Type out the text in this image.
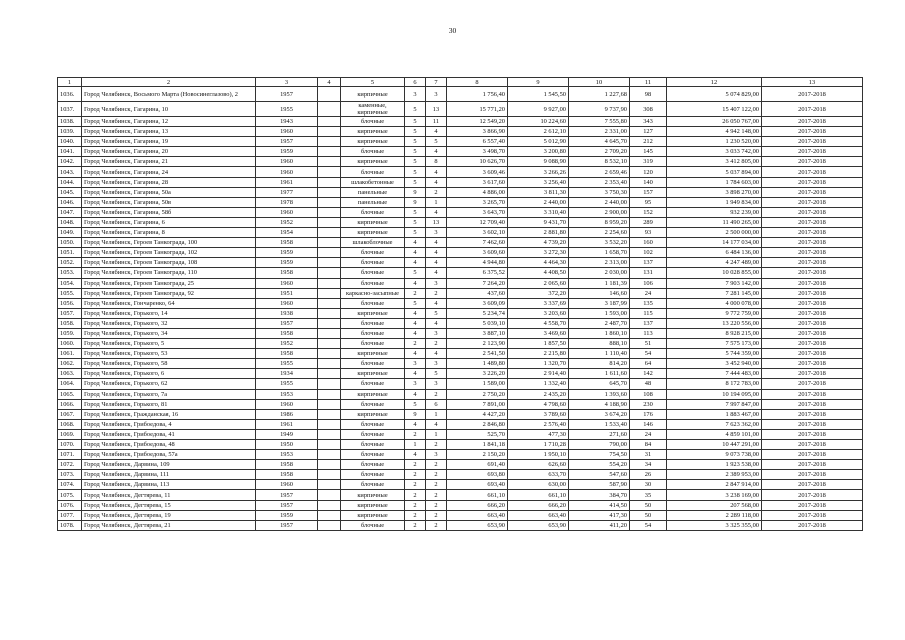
30
1	2	3	4	5	6	7	8	9	10	11	12	13
1036.	Город Челябинск, Восьмого Марта (Новосинеглазово), 2	1957		кирпичные	3	3	1 756,40	1 545,50	1 227,68	98	5 074 829,00	2017-2018
1037.	Город Челябинск, Гагарина, 10	1955		каменные, кирпичные	5	13	15 771,20	9 927,00	9 737,90	308	15 407 122,00	2017-2018
1038.	Город Челябинск, Гагарина, 12	1943		блочные	5	11	12 549,20	10 224,60	7 555,80	343	26 050 767,00	2017-2018
1039.	Город Челябинск, Гагарина, 13	1960		кирпичные	5	4	3 866,90	2 612,10	2 331,00	127	4 942 148,00	2017-2018
1040.	Город Челябинск, Гагарина, 19	1957		кирпичные	5	5	6 557,40	5 012,90	4 645,70	212	1 230 520,00	2017-2018
1041.	Город Челябинск, Гагарина, 20	1959		блочные	5	4	3 498,70	3 200,80	2 709,20	145	3 033 742,00	2017-2018
1042.	Город Челябинск, Гагарина, 21	1960		кирпичные	5	8	10 626,70	9 088,90	8 532,10	319	3 412 805,00	2017-2018
1043.	Город Челябинск, Гагарина, 24	1960		блочные	5	4	3 609,46	3 266,26	2 659,46	120	5 037 894,00	2017-2018
1044.	Город Челябинск, Гагарина, 28	1961		шлакобетонные	5	4	3 617,60	3 256,40	2 353,40	140	1 784 603,00	2017-2018
1045.	Город Челябинск, Гагарина, 50а	1977		панельные	9	2	4 886,00	3 811,30	3 750,30	157	3 898 270,00	2017-2018
1046.	Город Челябинск, Гагарина, 50в	1978		панельные	9	1	3 265,70	2 440,00	2 440,00	95	1 949 834,00	2017-2018
1047.	Город Челябинск, Гагарина, 58б	1960		блочные	5	4	3 643,70	3 310,40	2 900,00	152	932 239,00	2017-2018
1048.	Город Челябинск, Гагарина, 6	1952		кирпичные	5	13	12 709,40	9 431,70	8 959,20	289	11 490 265,00	2017-2018
1049.	Город Челябинск, Гагарина, 8	1954		кирпичные	5	3	3 602,10	2 881,80	2 254,60	93	2 500 000,00	2017-2018
1050.	Город Челябинск, Героев Танкограда, 100	1958		шлакоблочные	4	4	7 462,60	4 739,20	3 532,20	160	14 177 034,00	2017-2018
1051.	Город Челябинск, Героев Танкограда, 102	1959		блочные	4	4	3 609,60	3 272,30	1 658,70	102	6 484 136,00	2017-2018
1052.	Город Челябинск, Героев Танкограда, 108	1959		блочные	4	4	4 944,80	4 464,30	2 313,00	137	4 247 489,00	2017-2018
1053.	Город Челябинск, Героев Танкограда, 110	1958		блочные	5	4	6 375,52	4 408,50	2 030,00	131	10 028 855,00	2017-2018
1054.	Город Челябинск, Героев Танкограда, 25	1960		блочные	4	3	7 264,20	2 065,60	1 181,39	106	7 903 142,00	2017-2018
1055.	Город Челябинск, Героев Танкограда, 92	1951		каркасно-засыпные	2	2	437,60	372,20	146,60	24	7 281 145,00	2017-2018
1056.	Город Челябинск, Гончаренко, 64	1960		блочные	5	4	3 609,09	3 337,69	3 187,99	135	4 000 078,00	2017-2018
1057.	Город Челябинск, Горького, 14	1938		кирпичные	4	5	5 234,74	3 203,60	1 593,00	115	9 772 759,00	2017-2018
1058.	Город Челябинск, Горького, 32	1957		блочные	4	4	5 039,10	4 558,70	2 487,70	137	13 220 556,00	2017-2018
1059.	Город Челябинск, Горького, 34	1958		блочные	4	3	3 887,10	3 469,60	1 860,10	113	8 928 215,00	2017-2018
1060.	Город Челябинск, Горького, 5	1952		блочные	2	2	2 123,90	1 857,50	888,10	51	7 575 173,00	2017-2018
1061.	Город Челябинск, Горького, 53	1958		кирпичные	4	4	2 541,50	2 215,80	1 110,40	54	5 744 359,00	2017-2018
1062.	Город Челябинск, Горького, 58	1955		блочные	3	3	1 489,80	1 320,70	814,20	64	3 452 940,00	2017-2018
1063.	Город Челябинск, Горького, 6	1934		кирпичные	4	5	3 226,20	2 914,40	1 611,60	142	7 444 483,00	2017-2018
1064.	Город Челябинск, Горького, 62	1955		блочные	3	3	1 589,00	1 332,40	645,70	48	8 172 783,00	2017-2018
1065.	Город Челябинск, Горького, 7а	1953		кирпичные	4	2	2 750,20	2 435,20	1 393,60	108	10 194 095,00	2017-2018
1066.	Город Челябинск, Горького, 81	1960		блочные	5	6	7 891,00	4 798,60	4 188,90	230	7 997 847,00	2017-2018
1067.	Город Челябинск, Гражданская, 16	1986		кирпичные	9	1	4 427,20	3 789,60	3 674,20	176	1 883 467,00	2017-2018
1068.	Город Челябинск, Грибоедова, 4	1961		блочные	4	4	2 846,80	2 576,40	1 533,40	146	7 623 362,00	2017-2018
1069.	Город Челябинск, Грибоедова, 41	1949		блочные	2	1	525,70	477,30	271,60	24	4 859 101,00	2017-2018
1070.	Город Челябинск, Грибоедова, 48	1950		блочные	1	2	1 841,18	1 710,28	790,00	84	10 447 291,00	2017-2018
1071.	Город Челябинск, Грибоедова, 57а	1953		блочные	4	3	2 150,20	1 950,10	754,50	31	9 073 738,00	2017-2018
1072.	Город Челябинск, Дарвина, 109	1958		блочные	2	2	691,40	626,60	554,20	34	1 923 538,00	2017-2018
1073.	Город Челябинск, Дарвина, 111	1958		блочные	2	2	693,80	633,70	547,60	26	2 389 953,00	2017-2018
1074.	Город Челябинск, Дарвина, 113	1960		блочные	2	2	693,40	630,00	587,90	30	2 847 914,00	2017-2018
1075.	Город Челябинск, Дегтярева, 11	1957		кирпичные	2	2	661,10	661,10	384,70	35	3 238 169,00	2017-2018
1076.	Город Челябинск, Дегтярева, 15	1957		кирпичные	2	2	666,20	666,20	414,50	50	207 568,00	2017-2018
1077.	Город Челябинск, Дегтярева, 19	1959		кирпичные	2	2	663,40	663,40	417,30	50	2 289 118,00	2017-2018
1078.	Город Челябинск, Дегтярева, 21	1957		блочные	2	2	653,90	653,90	411,20	54	3 325 355,00	2017-2018
